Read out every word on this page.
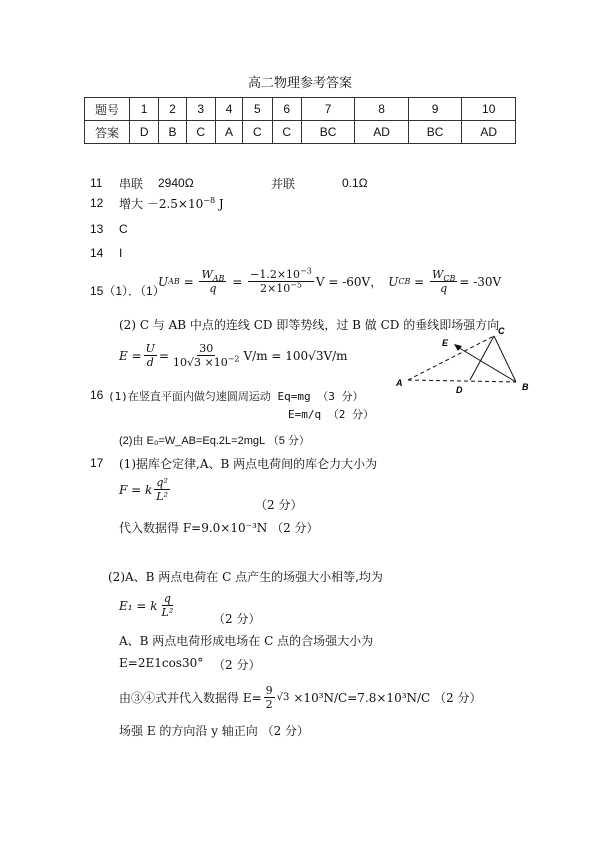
高二物理参考答案
题号	1	2	3	4	5	6	7	8	9	10
答案	D	B	C	A	C	C	BC	AD	BC	AD
11 串联 2940Ω	并联	0.1Ω
12 增大 $-2.5\times 10^{-8}$ J
13 C
14 I
15（1）．（1）
U AB = $\frac{W_{AB}}{q} = \frac{-1.2\times 10^{-3}}{2\times 10^{-5}}$ V = -60V， U CB = $\frac{W_{CB}}{q} = -30V$
(2) C 与 AB 中点的连线 CD 即等势线，过 B 做 CD 的垂线即场强方向
$E = \frac{U}{d} = \frac{30}{10√3 \times 10^{-2}} V/m = 100√3V/m$
E
C
A
D	B
16 (1)在竖直平面内做匀速圆周运动 Eq=mg （3 分）
E=m/q （2 分）
(2)由 E₀=W_AB=Eq.2L=2mgL （5 分）
17 (1)据库仑定律,A、B 两点电荷间的库仑力大小为
F = k $\frac{\text{q²}}{\text{L²}}$
（2 分）
代入数据得 F=9.0×10⁻³N （2 分）
(2)A、B 两点电荷在 C 点产生的场强大小相等,均为
E₁ = k $\frac{q}{\text{L²}}$	（2 分）
A、B 两点电荷形成电场在 C 点的合场强大小为
E=2E1cos30° （2 分）
由③④式并代入数据得 $E= \frac{9}{2} √3 \times 10^3N/C=7.8\times 10^3N/C$ （2 分）
场强 E 的方向沿 y 轴正向 （2 分）
